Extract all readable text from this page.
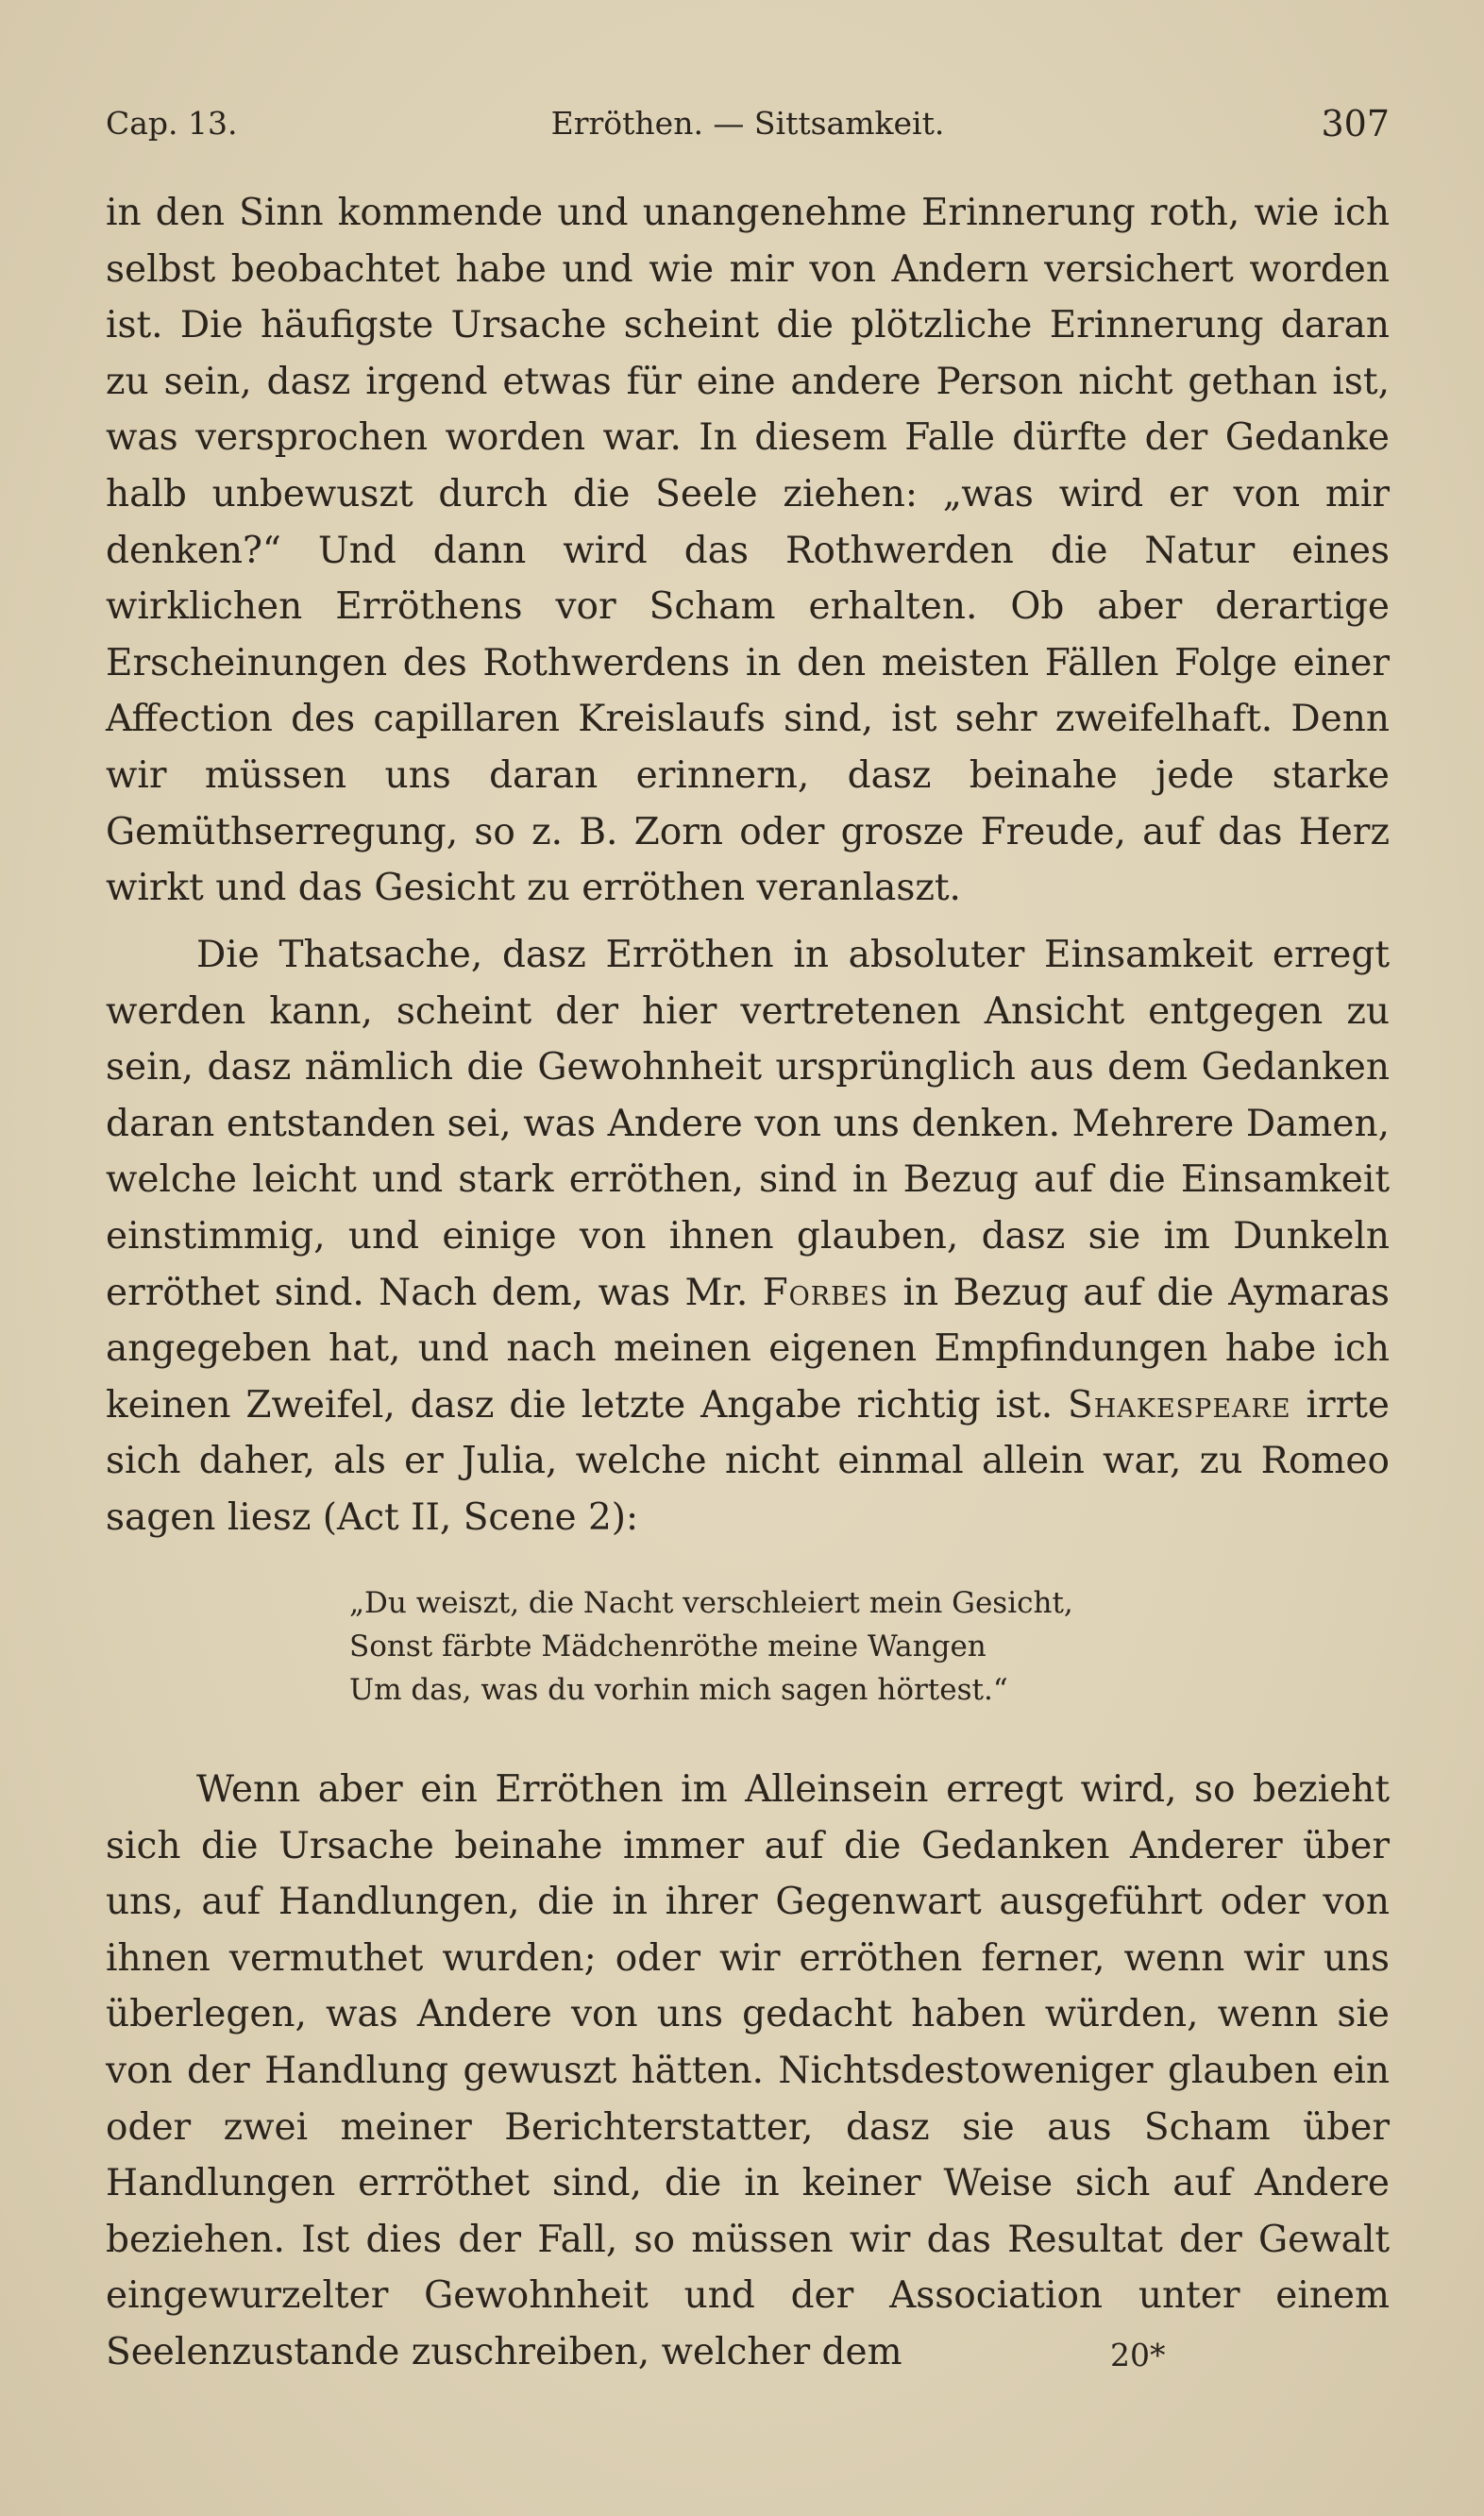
Cap. 13.	Erröthen. — Sittsamkeit.	307

in den Sinn kommende und unangenehme Erinnerung roth, wie ich selbst beobachtet habe und wie mir von Andern versichert worden ist. Die häufigste Ursache scheint die plötzliche Erinnerung daran zu sein, dasz irgend etwas für eine andere Person nicht gethan ist, was versprochen worden war. In diesem Falle dürfte der Gedanke halb unbewuszt durch die Seele ziehen: „was wird er von mir denken?“ Und dann wird das Rothwerden die Natur eines wirklichen Erröthens vor Scham erhalten. Ob aber derartige Erscheinungen des Rothwerdens in den meisten Fällen Folge einer Affection des capillaren Kreislaufs sind, ist sehr zweifelhaft. Denn wir müssen uns daran erinnern, dasz beinahe jede starke Gemüthserregung, so z. B. Zorn oder grosze Freude, auf das Herz wirkt und das Gesicht zu erröthen veranlaszt.

Die Thatsache, dasz Erröthen in absoluter Einsamkeit erregt werden kann, scheint der hier vertretenen Ansicht entgegen zu sein, dasz nämlich die Gewohnheit ursprünglich aus dem Gedanken daran entstanden sei, was Andere von uns denken. Mehrere Damen, welche leicht und stark erröthen, sind in Bezug auf die Einsamkeit einstimmig, und einige von ihnen glauben, dasz sie im Dunkeln erröthet sind. Nach dem, was Mr. Forbes in Bezug auf die Aymaras angegeben hat, und nach meinen eigenen Empfindungen habe ich keinen Zweifel, dasz die letzte Angabe richtig ist. Shakespeare irrte sich daher, als er Julia, welche nicht einmal allein war, zu Romeo sagen liesz (Act II, Scene 2):

„Du weiszt, die Nacht verschleiert mein Gesicht,
Sonst färbte Mädchenröthe meine Wangen
Um das, was du vorhin mich sagen hörtest.“

Wenn aber ein Erröthen im Alleinsein erregt wird, so bezieht sich die Ursache beinahe immer auf die Gedanken Anderer über uns, auf Handlungen, die in ihrer Gegenwart ausgeführt oder von ihnen vermuthet wurden; oder wir erröthen ferner, wenn wir uns überlegen, was Andere von uns gedacht haben würden, wenn sie von der Handlung gewuszt hätten. Nichtsdestoweniger glauben ein oder zwei meiner Berichterstatter, dasz sie aus Scham über Handlungen errröthet sind, die in keiner Weise sich auf Andere beziehen. Ist dies der Fall, so müssen wir das Resultat der Gewalt eingewurzelter Gewohnheit und der Association unter einem Seelenzustande zuschreiben, welcher dem	20*
